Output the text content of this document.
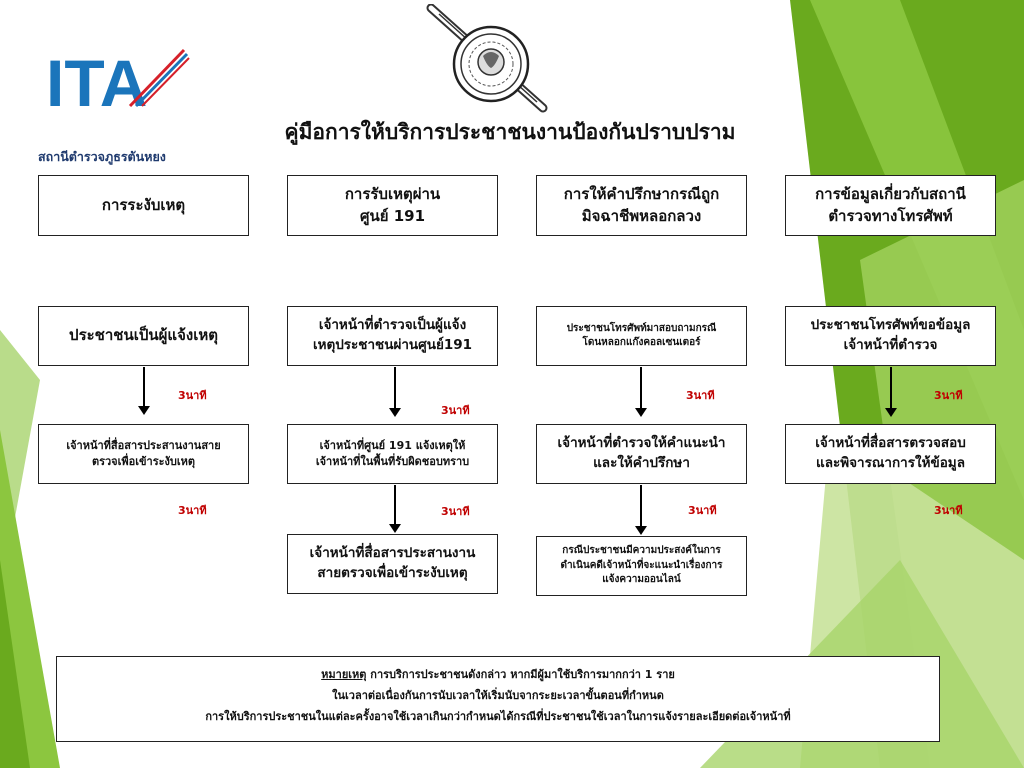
ITA
คู่มือการให้บริการประชาชนงานป้องกันปราบปราม
สถานีตำรวจภูธรตันหยง
การระงับเหตุ
ประชาชนเป็นผู้แจ้งเหตุ
3นาที
เจ้าหน้าที่สื่อสารประสานงานสาย
ตรวจเพื่อเข้าระงับเหตุ
3นาที
การรับเหตุผ่าน
ศูนย์ 191
เจ้าหน้าที่ตำรวจเป็นผู้แจ้ง
เหตุประชาชนผ่านศูนย์191
3นาที
เจ้าหน้าที่ศูนย์ 191 แจ้งเหตุให้
เจ้าหน้าที่ในพื้นที่รับผิดชอบทราบ
3นาที
เจ้าหน้าที่สื่อสารประสานงาน
สายตรวจเพื่อเข้าระงับเหตุ
การให้คำปรึกษากรณีถูก
มิจฉาชีพหลอกลวง
ประชาชนโทรศัพท์มาสอบถามกรณี
โดนหลอกแก๊งคอลเซนเตอร์
3นาที
เจ้าหน้าที่ตำรวจให้คำแนะนำ
และให้คำปรึกษา
3นาที
กรณีประชาชนมีความประสงค์ในการ
ดำเนินคดีเจ้าหน้าที่จะแนะนำเรื่องการ
แจ้งความออนไลน์
การข้อมูลเกี่ยวกับสถานี
ตำรวจทางโทรศัพท์
ประชาชนโทรศัพท์ขอข้อมูล
เจ้าหน้าที่ตำรวจ
3นาที
เจ้าหน้าที่สื่อสารตรวจสอบ
และพิจารณาการให้ข้อมูล
3นาที
หมายเหตุ การบริการประชาชนดังกล่าว หากมีผู้มาใช้บริการมากกว่า 1 ราย
ในเวลาต่อเนื่องกันการนับเวลาให้เริ่มนับจากระยะเวลาขั้นตอนที่กำหนด
การให้บริการประชาชนในแต่ละครั้งอาจใช้เวลาเกินกว่ากำหนดได้กรณีที่ประชาชนใช้เวลาในการแจ้งรายละเอียดต่อเจ้าหน้าที่
